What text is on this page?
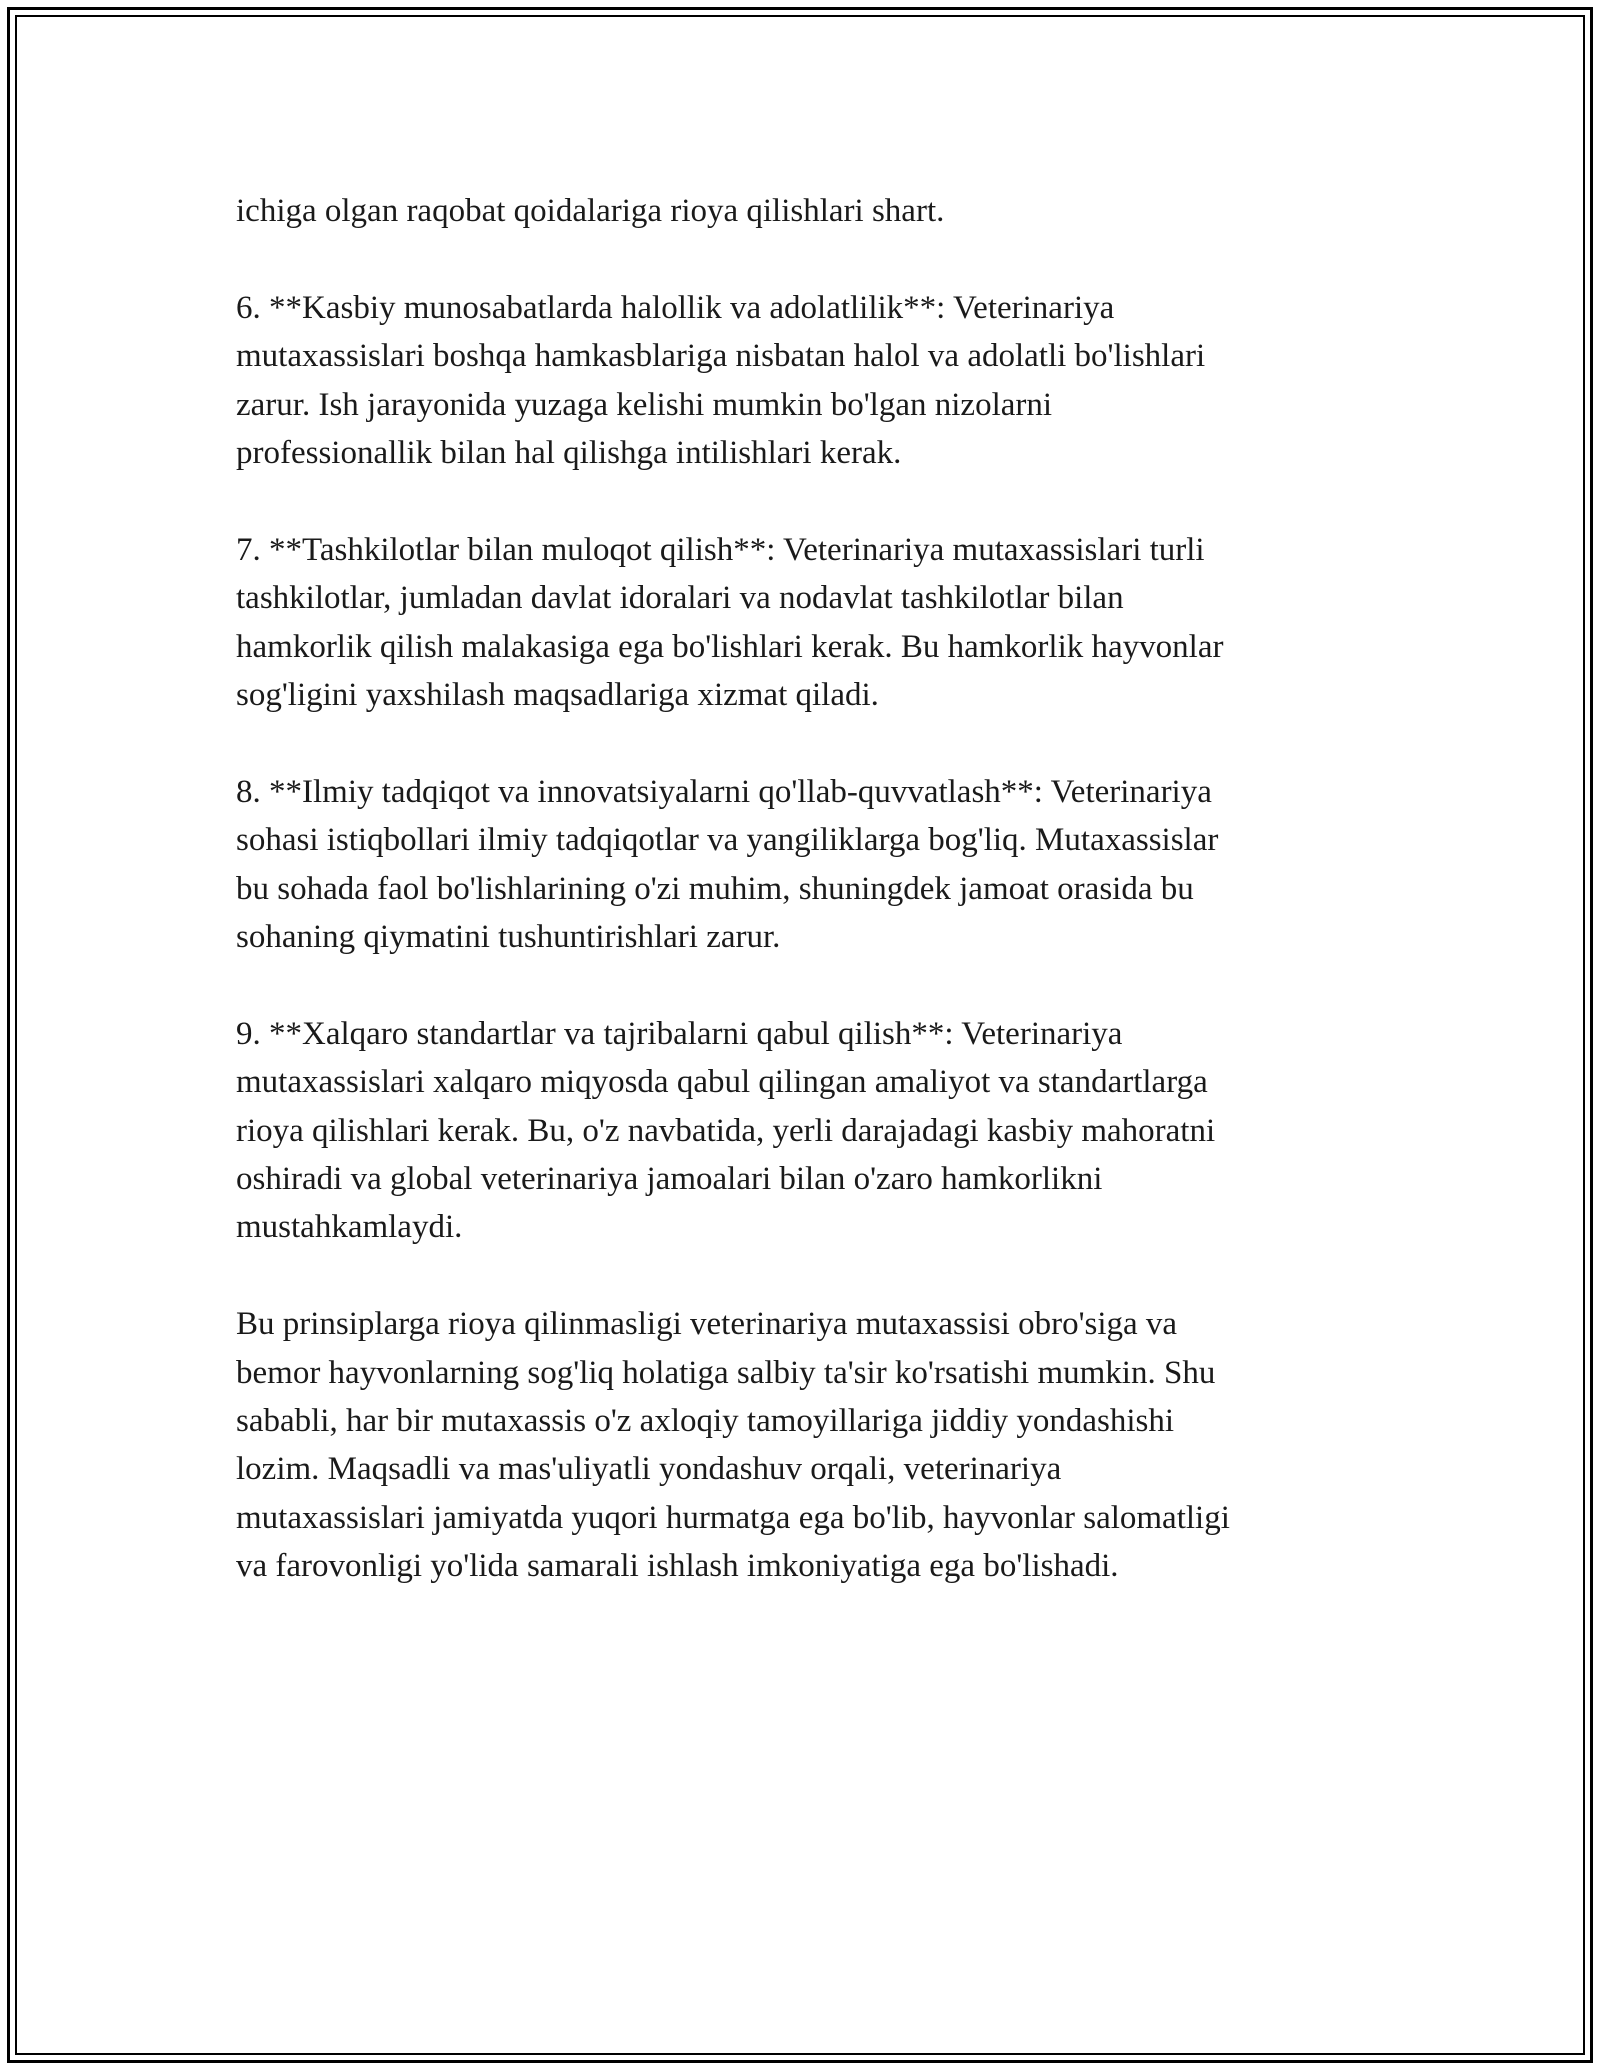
ichiga olgan raqobat qoidalariga rioya qilishlari shart.

6. **Kasbiy munosabatlarda halollik va adolatlilik**: Veterinariya
mutaxassislari boshqa hamkasblariga nisbatan halol va adolatli bo'lishlari
zarur. Ish jarayonida yuzaga kelishi mumkin bo'lgan nizolarni
professionallik bilan hal qilishga intilishlari kerak.

7. **Tashkilotlar bilan muloqot qilish**: Veterinariya mutaxassislari turli
tashkilotlar, jumladan davlat idoralari va nodavlat tashkilotlar bilan
hamkorlik qilish malakasiga ega bo'lishlari kerak. Bu hamkorlik hayvonlar
sog'ligini yaxshilash maqsadlariga xizmat qiladi.

8. **Ilmiy tadqiqot va innovatsiyalarni qo'llab-quvvatlash**: Veterinariya
sohasi istiqbollari ilmiy tadqiqotlar va yangiliklarga bog'liq. Mutaxassislar
bu sohada faol bo'lishlarining o'zi muhim, shuningdek jamoat orasida bu
sohaning qiymatini tushuntirishlari zarur.

9. **Xalqaro standartlar va tajribalarni qabul qilish**: Veterinariya
mutaxassislari xalqaro miqyosda qabul qilingan amaliyot va standartlarga
rioya qilishlari kerak. Bu, o'z navbatida, yerli darajadagi kasbiy mahoratni
oshiradi va global veterinariya jamoalari bilan o'zaro hamkorlikni
mustahkamlaydi.

Bu prinsiplarga rioya qilinmasligi veterinariya mutaxassisi obro'siga va
bemor hayvonlarning sog'liq holatiga salbiy ta'sir ko'rsatishi mumkin. Shu
sababli, har bir mutaxassis o'z axloqiy tamoyillariga jiddiy yondashishi
lozim. Maqsadli va mas'uliyatli yondashuv orqali, veterinariya
mutaxassislari jamiyatda yuqori hurmatga ega bo'lib, hayvonlar salomatligi
va farovonligi yo'lida samarali ishlash imkoniyatiga ega bo'lishadi.
